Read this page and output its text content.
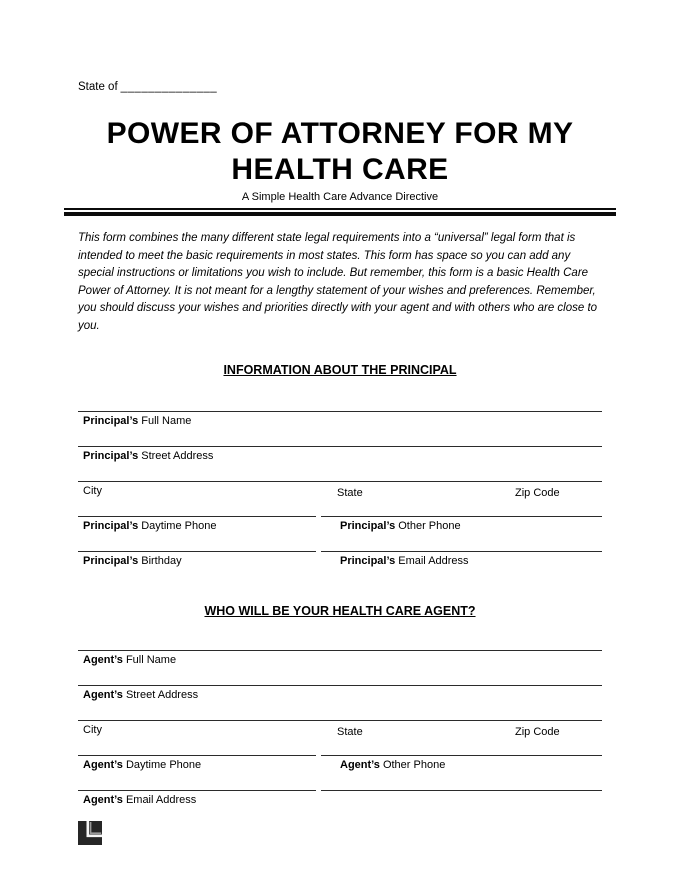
State of ______________
POWER OF ATTORNEY FOR MY
HEALTH CARE
A Simple Health Care Advance Directive

This form combines the many different state legal requirements into a “universal” legal form that is intended to meet the basic requirements in most states. This form has space so you can add any special instructions or limitations you wish to include. But remember, this form is a basic Health Care Power of Attorney. It is not meant for a lengthy statement of your wishes and preferences. Remember, you should discuss your wishes and priorities directly with your agent and with others who are close to you.

INFORMATION ABOUT THE PRINCIPAL
Principal’s Full Name
Principal’s Street Address
City	State	Zip Code
Principal’s Daytime Phone	Principal’s Other Phone
Principal’s Birthday	Principal’s Email Address
WHO WILL BE YOUR HEALTH CARE AGENT?
Agent’s Full Name
Agent’s Street Address
City	State	Zip Code
Agent’s Daytime Phone	Agent’s Other Phone
Agent’s Email Address
